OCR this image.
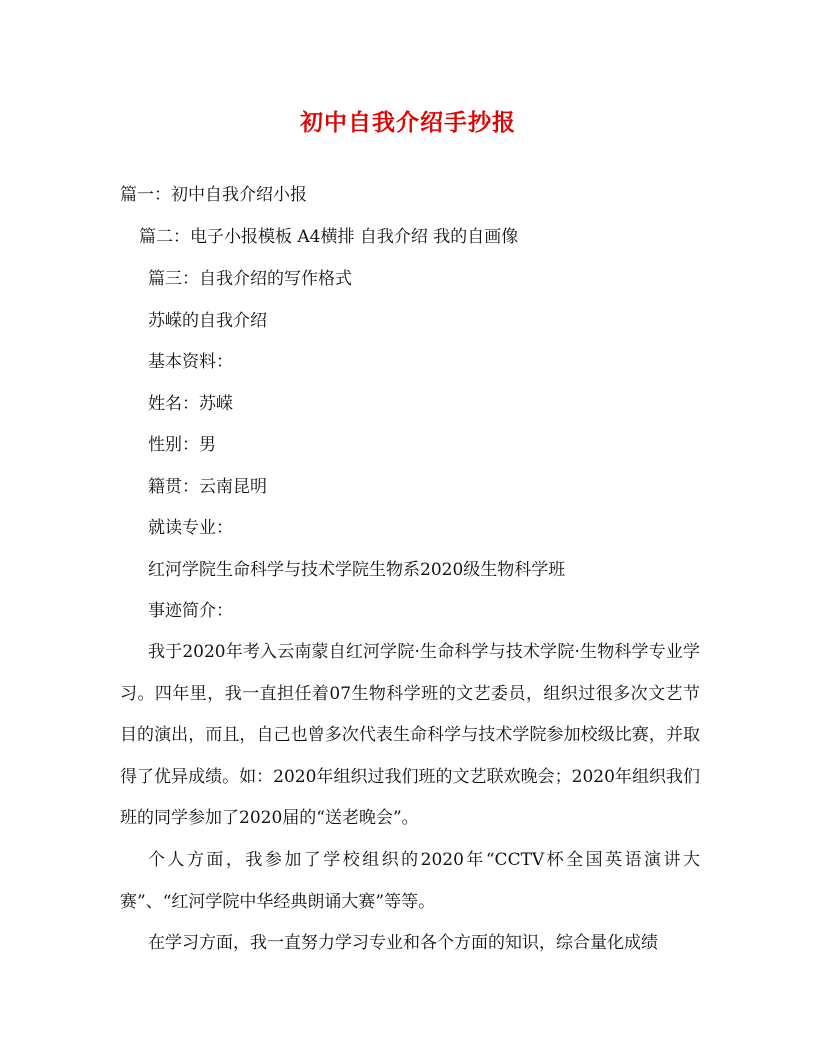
初中自我介绍手抄报
篇一：初中自我介绍小报
篇二：电子小报模板 A4横排 自我介绍 我的自画像
篇三：自我介绍的写作格式
苏嵘的自我介绍
基本资料：
姓名：苏嵘
性别：男
籍贯：云南昆明
就读专业：
红河学院生命科学与技术学院生物系2020级生物科学班
事迹简介：
我于2020年考入云南蒙自红河学院·生命科学与技术学院·生物科学专业学习。四年里，我一直担任着07生物科学班的文艺委员，组织过很多次文艺节目的演出，而且，自己也曾多次代表生命科学与技术学院参加校级比赛，并取得了优异成绩。如：2020年组织过我们班的文艺联欢晚会；2020年组织我们班的同学参加了2020届的“送老晚会”。
个人方面，我参加了学校组织的2020年“CCTV杯全国英语演讲大赛”、“红河学院中华经典朗诵大赛”等等。
在学习方面，我一直努力学习专业和各个方面的知识，综合量化成绩
